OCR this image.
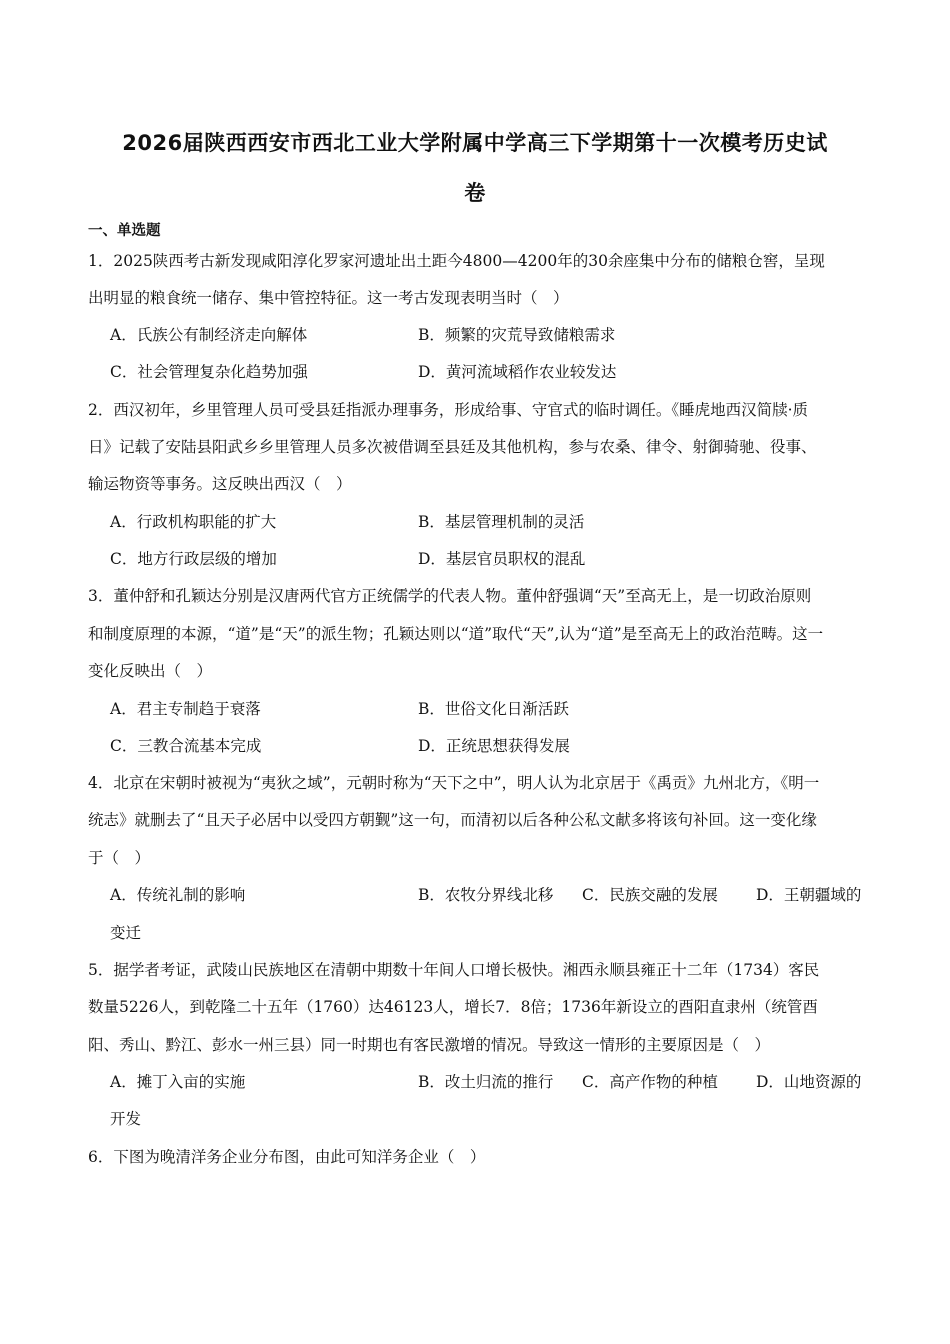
2026届陕西西安市西北工业大学附属中学高三下学期第十一次模考历史试
卷
一、单选题
1．2025陕西考古新发现咸阳淳化罗家河遗址出土距今4800—4200年的30余座集中分布的储粮仓窖，呈现
出明显的粮食统一储存、集中管控特征。这一考古发现表明当时（　）
A．氏族公有制经济走向解体	B．频繁的灾荒导致储粮需求
C．社会管理复杂化趋势加强	D．黄河流域稻作农业较发达
2．西汉初年，乡里管理人员可受县廷指派办理事务，形成给事、守官式的临时调任。《睡虎地西汉简牍·质
日》记载了安陆县阳武乡乡里管理人员多次被借调至县廷及其他机构，参与农桑、律令、射御骑驰、役事、
输运物资等事务。这反映出西汉（　）
A．行政机构职能的扩大	B．基层管理机制的灵活
C．地方行政层级的增加	D．基层官员职权的混乱
3．董仲舒和孔颖达分别是汉唐两代官方正统儒学的代表人物。董仲舒强调“天”至高无上，是一切政治原则
和制度原理的本源，“道”是“天”的派生物；孔颖达则以“道”取代“天”,认为“道”是至高无上的政治范畴。这一
变化反映出（　）
A．君主专制趋于衰落	B．世俗文化日渐活跃
C．三教合流基本完成	D．正统思想获得发展
4．北京在宋朝时被视为“夷狄之域”，元朝时称为“天下之中”，明人认为北京居于《禹贡》九州北方，《明一
统志》就删去了“且天子必居中以受四方朝觐”这一句，而清初以后各种公私文献多将该句补回。这一变化缘
于（　）
A．传统礼制的影响	B．农牧分界线北移 C．民族交融的发展 D．王朝疆域的
变迁
5．据学者考证，武陵山民族地区在清朝中期数十年间人口增长极快。湘西永顺县雍正十二年（1734）客民
数量5226人，到乾隆二十五年（1760）达46123人，增长7．8倍；1736年新设立的酉阳直隶州（统管酉
阳、秀山、黔江、彭水一州三县）同一时期也有客民激增的情况。导致这一情形的主要原因是（　）
A．摊丁入亩的实施	B．改土归流的推行 C．高产作物的种植 D．山地资源的
开发
6．下图为晚清洋务企业分布图，由此可知洋务企业（　）
